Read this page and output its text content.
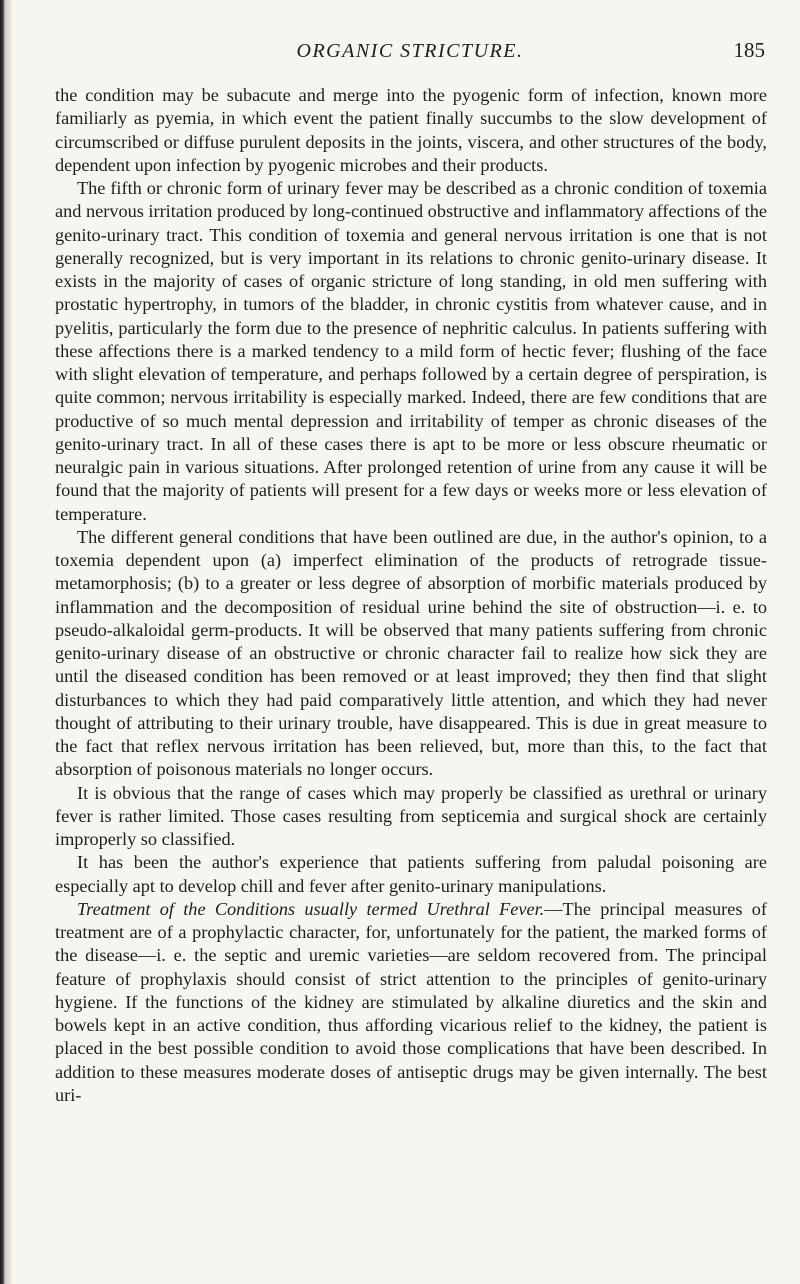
ORGANIC STRICTURE.	185

the condition may be subacute and merge into the pyogenic form of infection, known more familiarly as pyemia, in which event the patient finally succumbs to the slow development of circumscribed or diffuse purulent deposits in the joints, viscera, and other structures of the body, dependent upon infection by pyogenic microbes and their products.

The fifth or chronic form of urinary fever may be described as a chronic condition of toxemia and nervous irritation produced by long-continued obstructive and inflammatory affections of the genito-urinary tract. This condition of toxemia and general nervous irritation is one that is not generally recognized, but is very important in its relations to chronic genito-urinary disease. It exists in the majority of cases of organic stricture of long standing, in old men suffering with prostatic hypertrophy, in tumors of the bladder, in chronic cystitis from whatever cause, and in pyelitis, particularly the form due to the presence of nephritic calculus. In patients suffering with these affections there is a marked tendency to a mild form of hectic fever; flushing of the face with slight elevation of temperature, and perhaps followed by a certain degree of perspiration, is quite common; nervous irritability is especially marked. Indeed, there are few conditions that are productive of so much mental depression and irritability of temper as chronic diseases of the genito-urinary tract. In all of these cases there is apt to be more or less obscure rheumatic or neuralgic pain in various situations. After prolonged retention of urine from any cause it will be found that the majority of patients will present for a few days or weeks more or less elevation of temperature.

The different general conditions that have been outlined are due, in the author's opinion, to a toxemia dependent upon (a) imperfect elimination of the products of retrograde tissue-metamorphosis; (b) to a greater or less degree of absorption of morbific materials produced by inflammation and the decomposition of residual urine behind the site of obstruction—i. e. to pseudo-alkaloidal germ-products. It will be observed that many patients suffering from chronic genito-urinary disease of an obstructive or chronic character fail to realize how sick they are until the diseased condition has been removed or at least improved; they then find that slight disturbances to which they had paid comparatively little attention, and which they had never thought of attributing to their urinary trouble, have disappeared. This is due in great measure to the fact that reflex nervous irritation has been relieved, but, more than this, to the fact that absorption of poisonous materials no longer occurs.

It is obvious that the range of cases which may properly be classified as urethral or urinary fever is rather limited. Those cases resulting from septicemia and surgical shock are certainly improperly so classified.

It has been the author's experience that patients suffering from paludal poisoning are especially apt to develop chill and fever after genito-urinary manipulations.

Treatment of the Conditions usually termed Urethral Fever.—The principal measures of treatment are of a prophylactic character, for, unfortunately for the patient, the marked forms of the disease—i. e. the septic and uremic varieties—are seldom recovered from. The principal feature of prophylaxis should consist of strict attention to the principles of genito-urinary hygiene. If the functions of the kidney are stimulated by alkaline diuretics and the skin and bowels kept in an active condition, thus affording vicarious relief to the kidney, the patient is placed in the best possible condition to avoid those complications that have been described. In addition to these measures moderate doses of antiseptic drugs may be given internally. The best uri-
